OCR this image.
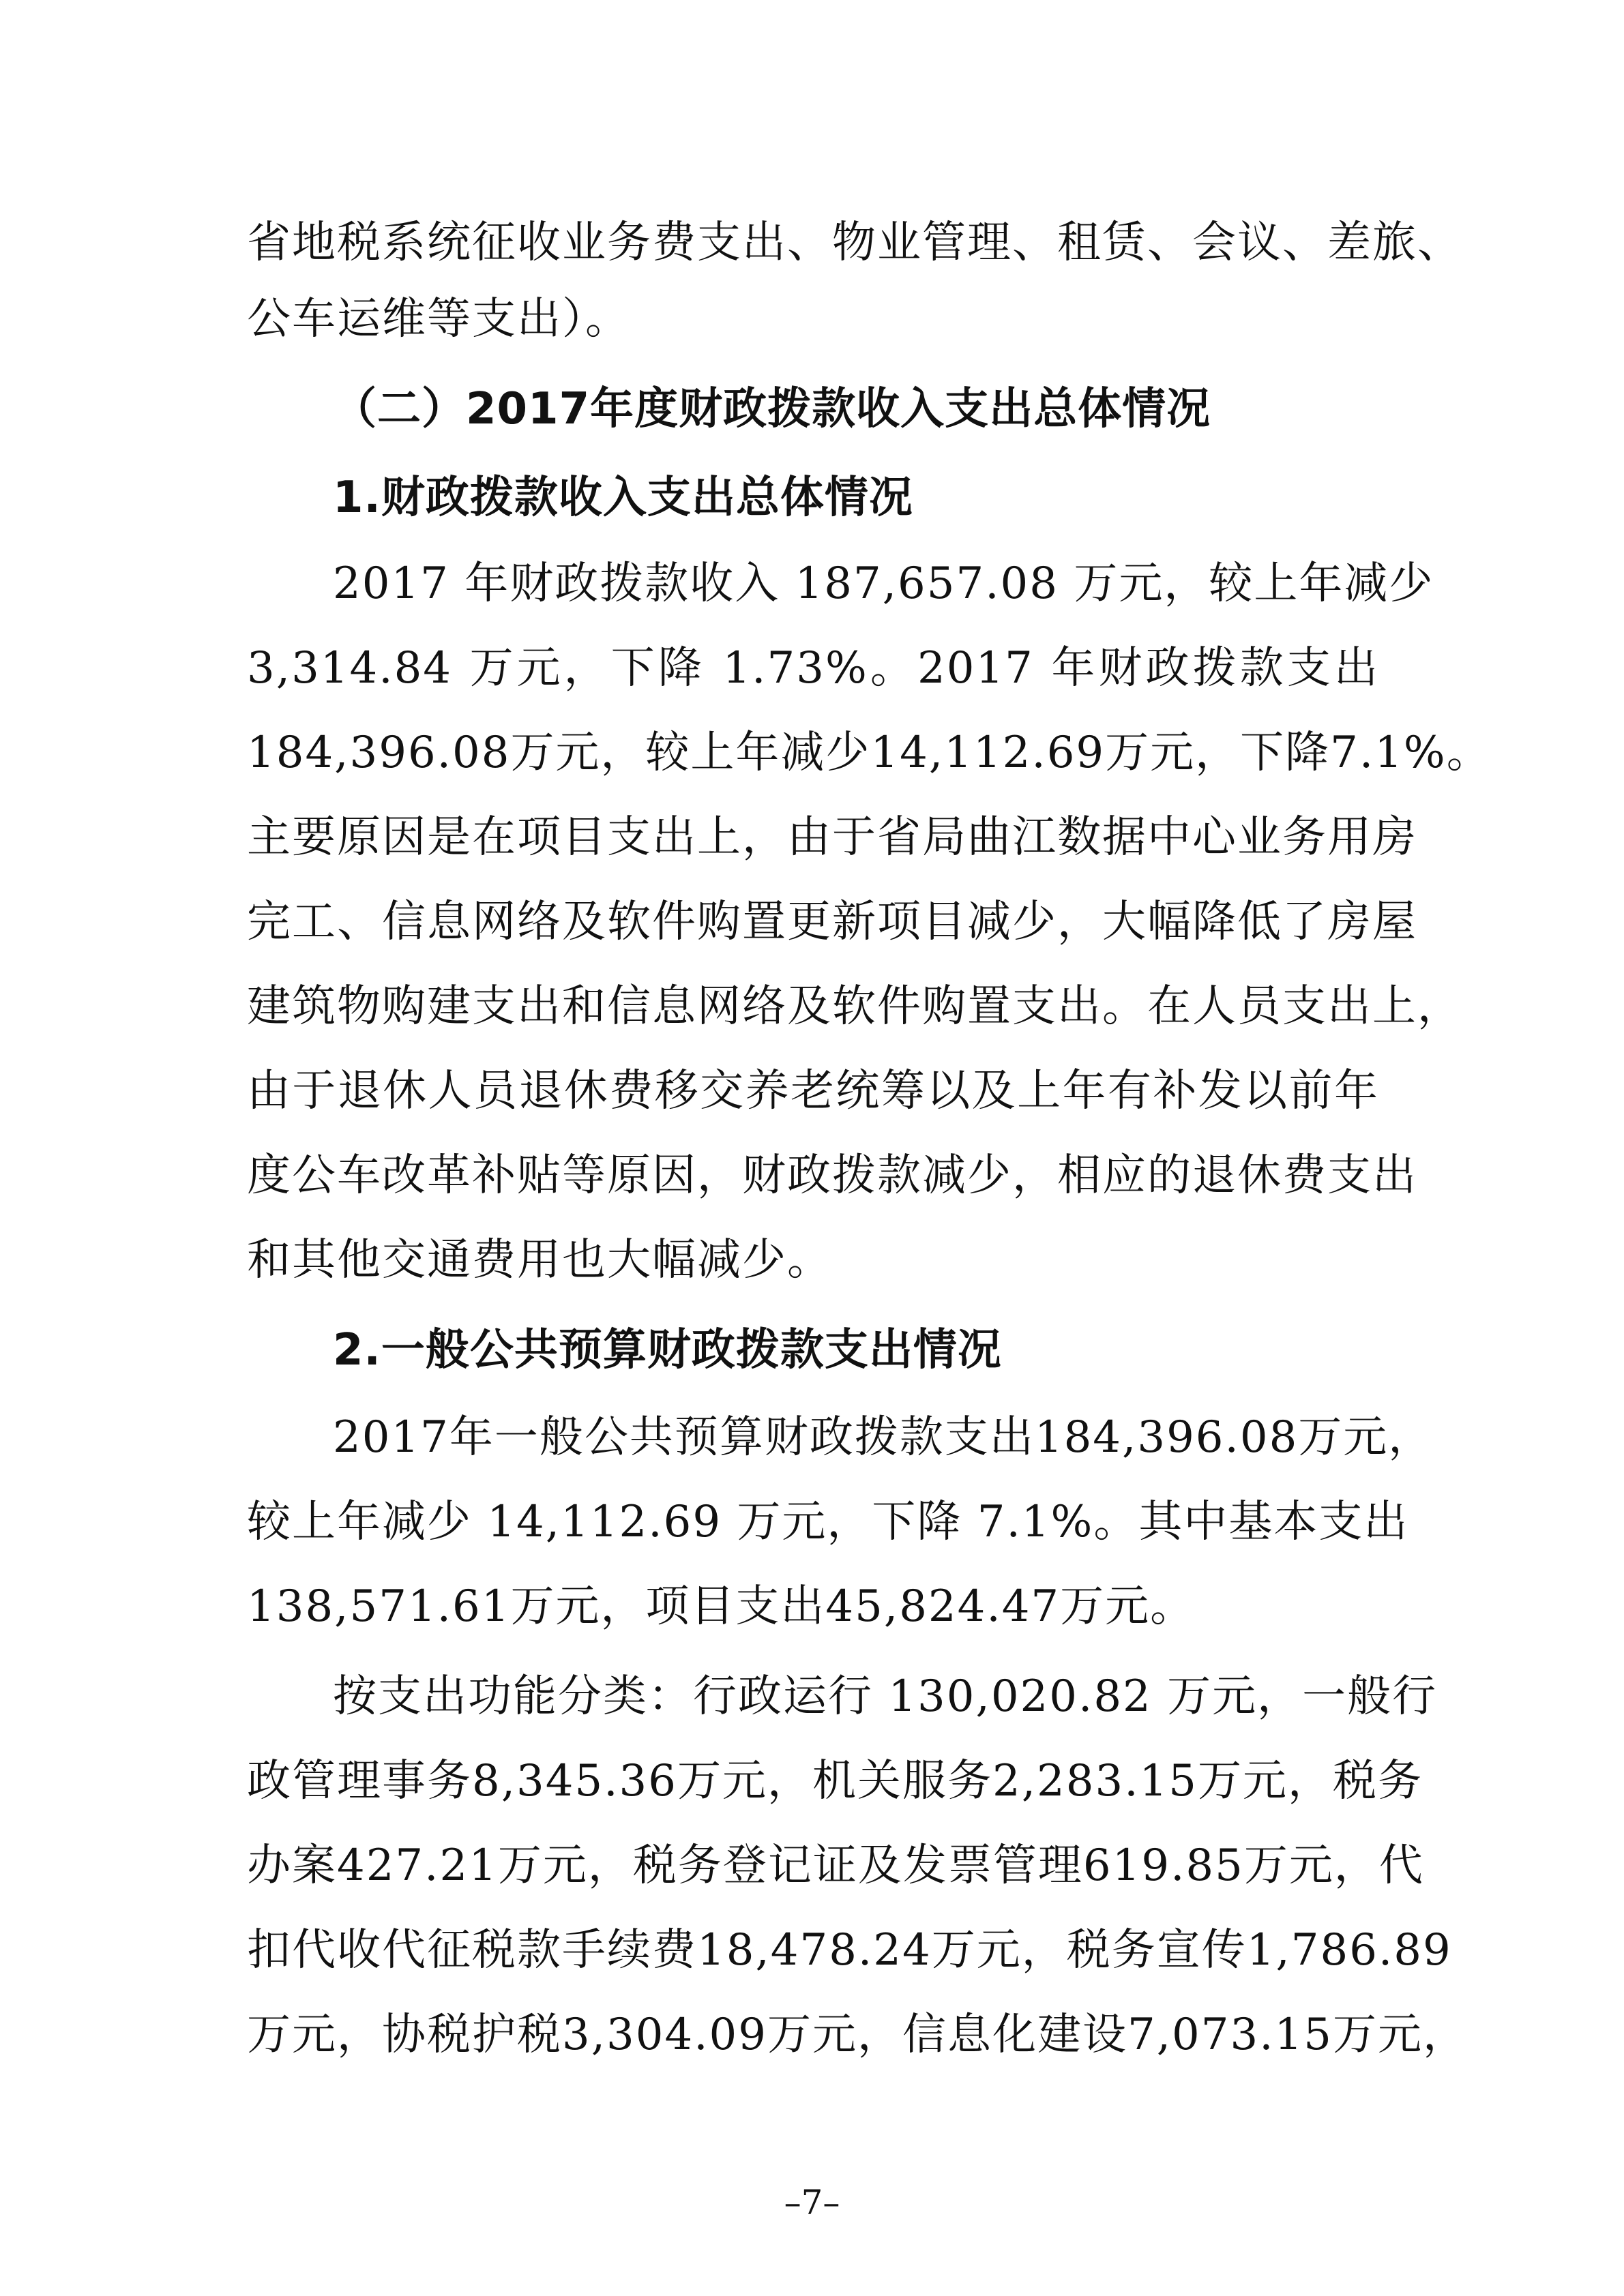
省地税系统征收业务费支出、物业管理、租赁、会议、差旅、
公车运维等支出）。
（二）2017年度财政拨款收入支出总体情况
1.财政拨款收入支出总体情况
2017 年财政拨款收入 187,657.08 万元，较上年减少
3,314.84 万元，下降 1.73%。2017 年财政拨款支出
184,396.08万元，较上年减少14,112.69万元，下降7.1%。
主要原因是在项目支出上，由于省局曲江数据中心业务用房
完工、信息网络及软件购置更新项目减少，大幅降低了房屋
建筑物购建支出和信息网络及软件购置支出。在人员支出上，
由于退休人员退休费移交养老统筹以及上年有补发以前年
度公车改革补贴等原因，财政拨款减少，相应的退休费支出
和其他交通费用也大幅减少。
2.一般公共预算财政拨款支出情况
2017年一般公共预算财政拨款支出184,396.08万元，
较上年减少 14,112.69 万元，下降 7.1%。其中基本支出
138,571.61万元，项目支出45,824.47万元。
按支出功能分类：行政运行 130,020.82 万元，一般行
政管理事务8,345.36万元，机关服务2,283.15万元，税务
办案427.21万元，税务登记证及发票管理619.85万元，代
扣代收代征税款手续费18,478.24万元，税务宣传1,786.89
万元，协税护税3,304.09万元，信息化建设7,073.15万元，
–7–
